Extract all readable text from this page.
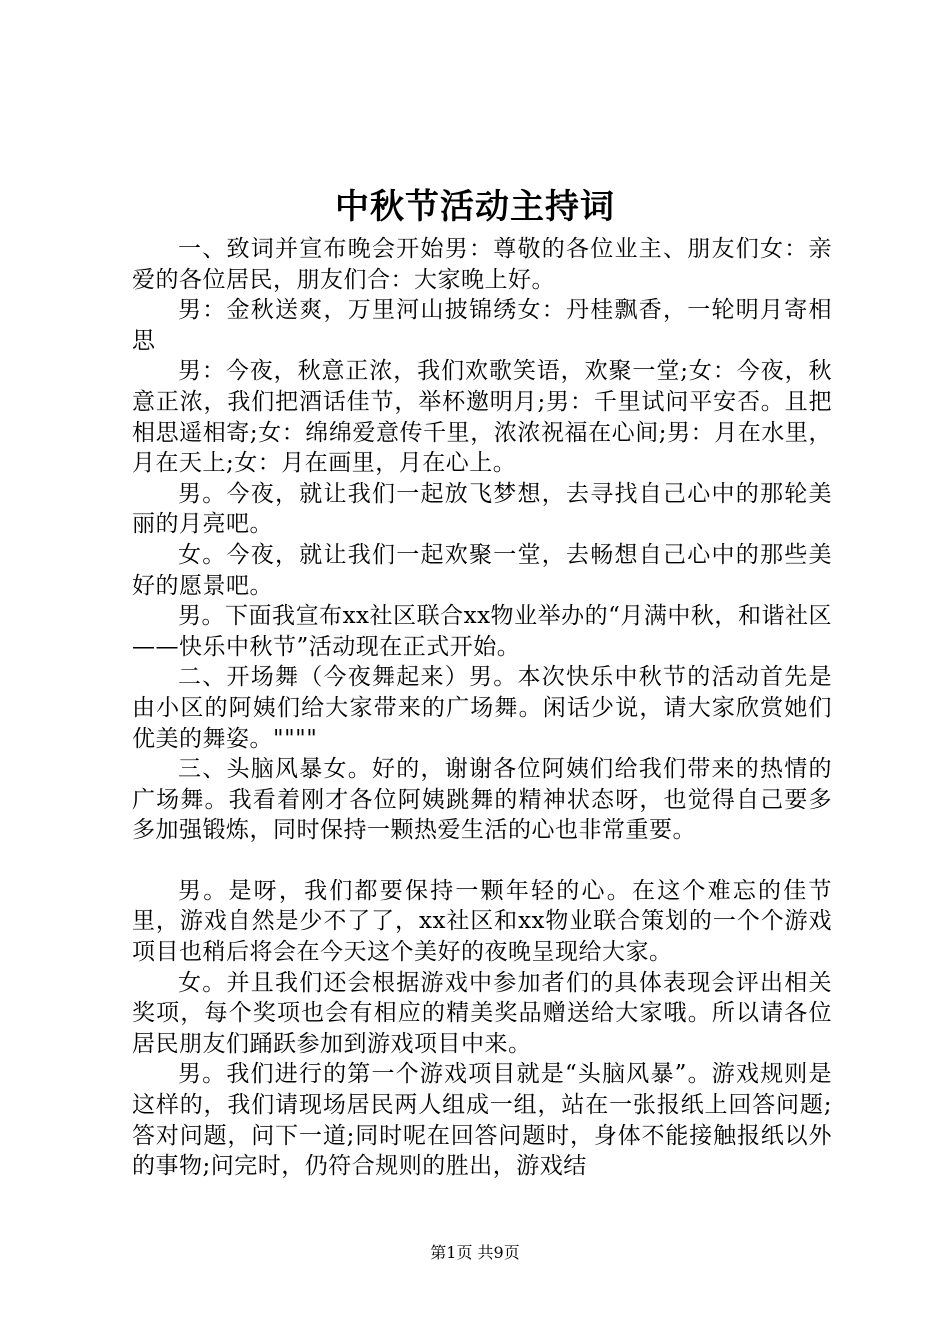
中秋节活动主持词

一、致词并宣布晚会开始男：尊敬的各位业主、朋友们女：亲爱的各位居民，朋友们合：大家晚上好。

男：金秋送爽，万里河山披锦绣女：丹桂飘香，一轮明月寄相思

男：今夜，秋意正浓，我们欢歌笑语，欢聚一堂;女：今夜，秋意正浓，我们把酒话佳节，举杯邀明月;男：千里试问平安否。且把相思遥相寄;女：绵绵爱意传千里，浓浓祝福在心间;男：月在水里，月在天上;女：月在画里，月在心上。

男。今夜，就让我们一起放飞梦想，去寻找自己心中的那轮美丽的月亮吧。

女。今夜，就让我们一起欢聚一堂，去畅想自己心中的那些美好的愿景吧。

男。下面我宣布xx社区联合xx物业举办的“月满中秋，和谐社区——快乐中秋节”活动现在正式开始。

二、开场舞（今夜舞起来）男。本次快乐中秋节的活动首先是由小区的阿姨们给大家带来的广场舞。闲话少说，请大家欣赏她们优美的舞姿。""""

三、头脑风暴女。好的，谢谢各位阿姨们给我们带来的热情的广场舞。我看着刚才各位阿姨跳舞的精神状态呀，也觉得自己要多多加强锻炼，同时保持一颗热爱生活的心也非常重要。

男。是呀，我们都要保持一颗年轻的心。在这个难忘的佳节里，游戏自然是少不了了，xx社区和xx物业联合策划的一个个游戏项目也稍后将会在今天这个美好的夜晚呈现给大家。

女。并且我们还会根据游戏中参加者们的具体表现会评出相关奖项，每个奖项也会有相应的精美奖品赠送给大家哦。所以请各位居民朋友们踊跃参加到游戏项目中来。

男。我们进行的第一个游戏项目就是“头脑风暴”。游戏规则是这样的，我们请现场居民两人组成一组，站在一张报纸上回答问题;答对问题，问下一道;同时呢在回答问题时，身体不能接触报纸以外的事物;问完时，仍符合规则的胜出，游戏结

第1页 共9页
